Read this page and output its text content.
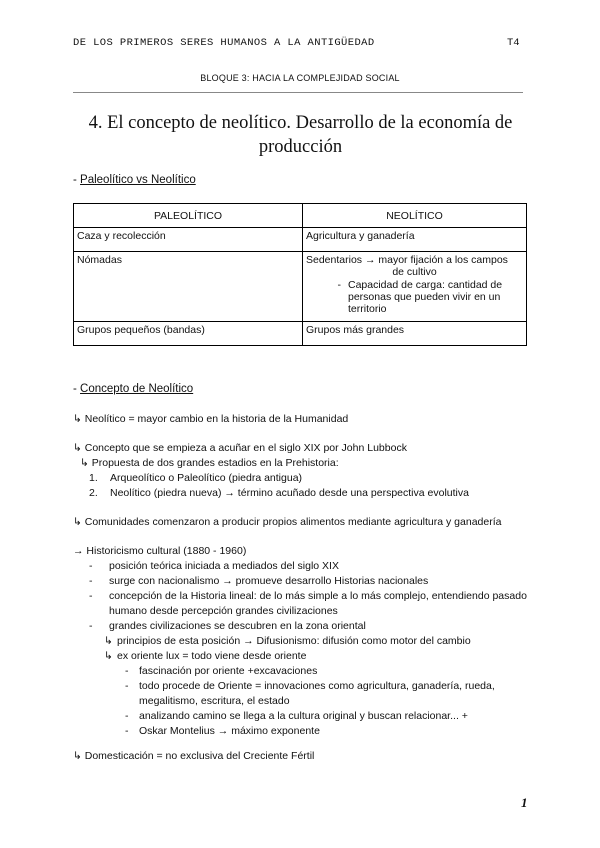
DE LOS PRIMEROS SERES HUMANOS A LA ANTIGÜEDAD	T4
BLOQUE 3: HACIA LA COMPLEJIDAD SOCIAL
4. El concepto de neolítico. Desarrollo de la economía de
producción
- Paleolítico vs Neolítico
PALEOLÍTICO	NEOLÍTICO
Caza y recolección	Agricultura y ganadería
Nómadas	Sedentarios → mayor fijación a los campos
de cultivo
- Capacidad de carga: cantidad de personas que pueden vivir en un territorio

Grupos pequeños (bandas)	Grupos más grandes
- Concepto de Neolítico
↳ Neolítico = mayor cambio en la historia de la Humanidad
↳ Concepto que se empieza a acuñar en el siglo XIX por John Lubbock
↳ Propuesta de dos grandes estadios en la Prehistoria:
1. Arqueolítico o Paleolítico (piedra antigua)
2. Neolítico (piedra nueva) → término acuñado desde una perspectiva evolutiva
↳ Comunidades comenzaron a producir propios alimentos mediante agricultura y ganadería
→ Historicismo cultural (1880 - 1960)
-	posición teórica iniciada a mediados del siglo XIX
-	surge con nacionalismo → promueve desarrollo Historias nacionales
-	concepción de la Historia lineal: de lo más simple a lo más complejo, entendiendo pasado humano desde percepción grandes civilizaciones
-	grandes civilizaciones se descubren en la zona oriental
↳ principios de esta posición → Difusionismo: difusión como motor del cambio
↳ ex oriente lux = todo viene desde oriente
-	fascinación por oriente +excavaciones
-	todo procede de Oriente = innovaciones como agricultura, ganadería, rueda, megalitismo, escritura, el estado
-	analizando camino se llega a la cultura original y buscan relacionar... +
-	Oskar Montelius → máximo exponente
↳ Domesticación = no exclusiva del Creciente Fértil
1
